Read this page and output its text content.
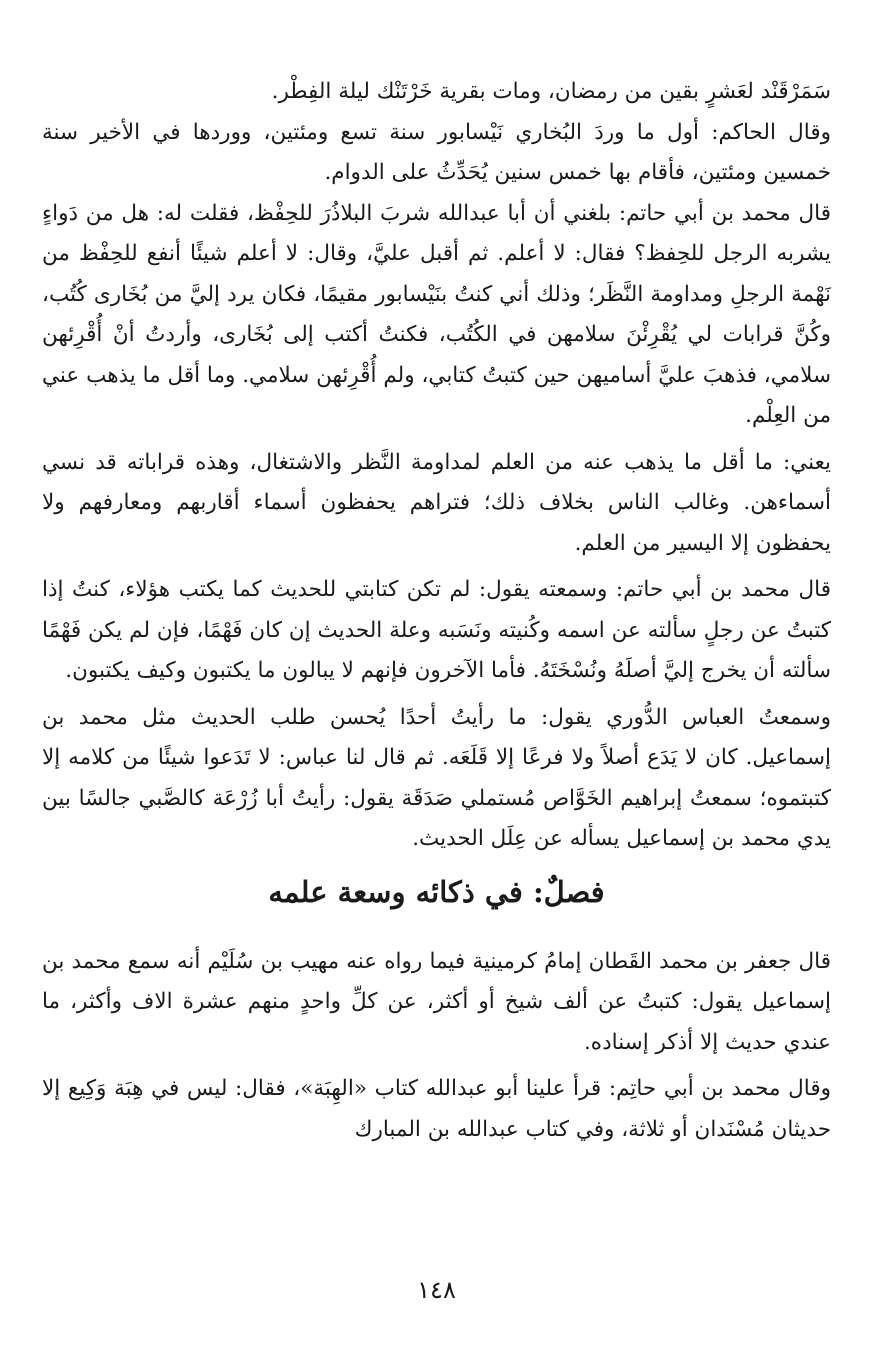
سَمَرْقَنْد لعَشرٍ بقين من رمضان، ومات بقرية خَرْتَنْك ليلة الفِطْر.

وقال الحاكم: أول ما وردَ البُخاري نَيْسابور سنة تسع ومئتين، ووردها في الأخير سنة خمسين ومئتين، فأقام بها خمس سنين يُحَدِّثُ على الدوام.

قال محمد بن أبي حاتم: بلغني أن أبا عبدالله شربَ البلاذُرَ للحِفْظ، فقلت له: هل من دَواءٍ يشربه الرجل للحِفظ؟ فقال: لا أعلم. ثم أقبل عليَّ، وقال: لا أعلم شيئًا أنفع للحِفْظ من نَهْمة الرجلِ ومداومة النَّظَر؛ وذلك أني كنتُ بنَيْسابور مقيمًا، فكان يرد إليَّ من بُخَارى كُتُب، وكُنَّ قرابات لي يُقْرِئْنَ سلامهن في الكُتُب، فكنتُ أكتب إلى بُخَارى، وأردتُ أنْ أُقْرِئهن سلامي، فذهبَ عليَّ أساميهن حين كتبتُ كتابي، ولم أُقْرِئهن سلامي. وما أقل ما يذهب عني من العِلْم.

يعني: ما أقل ما يذهب عنه من العلم لمداومة النَّظر والاشتغال، وهذه قراباته قد نسي أسماءهن. وغالب الناس بخلاف ذلك؛ فتراهم يحفظون أسماء أقاربهم ومعارفهم ولا يحفظون إلا اليسير من العلم.

قال محمد بن أبي حاتم: وسمعته يقول: لم تكن كتابتي للحديث كما يكتب هؤلاء، كنتُ إذا كتبتُ عن رجلٍ سألته عن اسمه وكُنيته ونَسَبه وعلة الحديث إن كان فَهْمًا، فإن لم يكن فَهْمًا سألته أن يخرج إليَّ أصلَهُ ونُسْخَتَهُ. فأما الآخرون فإنهم لا يبالون ما يكتبون وكيف يكتبون.

وسمعتُ العباس الدُّوري يقول: ما رأيتُ أحدًا يُحسن طلب الحديث مثل محمد بن إسماعيل. كان لا يَدَع أصلاً ولا فرعًا إلا قَلَعَه. ثم قال لنا عباس: لا تَدَعوا شيئًا من كلامه إلا كتبتموه؛ سمعتُ إبراهيم الخَوَّاص مُستملي صَدَقَة يقول: رأيتُ أبا زُرْعَة كالصَّبي جالسًا بين يدي محمد بن إسماعيل يسأله عن عِلَل الحديث.

فصلٌ: في ذكائه وسعة علمه

قال جعفر بن محمد القَطان إمامُ كرمينية فيما رواه عنه مهيب بن سُلَيْم أنه سمع محمد بن إسماعيل يقول: كتبتُ عن ألف شيخ أو أكثر، عن كلِّ واحدٍ منهم عشرة الاف وأكثر، ما عندي حديث إلا أذكر إسناده.

وقال محمد بن أبي حاتِم: قرأ علينا أبو عبدالله كتاب «الهِبَة»، فقال: ليس في هِبَة وَكِيع إلا حديثان مُسْنَدان أو ثلاثة، وفي كتاب عبدالله بن المبارك

١٤٨
